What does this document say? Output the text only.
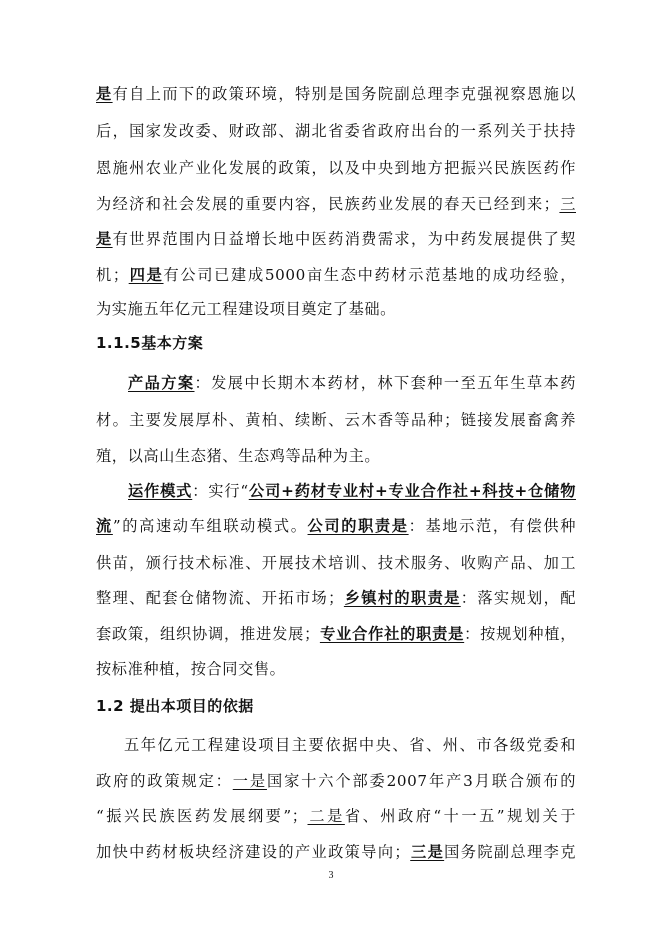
是有自上而下的政策环境，特别是国务院副总理李克强视察恩施以
后，国家发改委、财政部、湖北省委省政府出台的一系列关于扶持
恩施州农业产业化发展的政策，以及中央到地方把振兴民族医药作
为经济和社会发展的重要内容，民族药业发展的春天已经到来；三
是有世界范围内日益增长地中医药消费需求，为中药发展提供了契
机；四是有公司已建成5000亩生态中药材示范基地的成功经验，
为实施五年亿元工程建设项目奠定了基础。
1.1.5基本方案
产品方案：发展中长期木本药材，林下套种一至五年生草本药
材。主要发展厚朴、黄柏、续断、云木香等品种；链接发展畜禽养
殖，以高山生态猪、生态鸡等品种为主。
运作模式：实行“公司+药材专业村+专业合作社+科技+仓储物
流”的高速动车组联动模式。公司的职责是：基地示范，有偿供种
供苗，颁行技术标准、开展技术培训、技术服务、收购产品、加工
整理、配套仓储物流、开拓市场；乡镇村的职责是：落实规划，配
套政策，组织协调，推进发展；专业合作社的职责是：按规划种植，
按标准种植，按合同交售。
1.2 提出本项目的依据
五年亿元工程建设项目主要依据中央、省、州、市各级党委和
政府的政策规定：一是国家十六个部委2007年产3月联合颁布的
“振兴民族医药发展纲要”；二是省、州政府“十一五”规划关于
加快中药材板块经济建设的产业政策导向；三是国务院副总理李克
3
